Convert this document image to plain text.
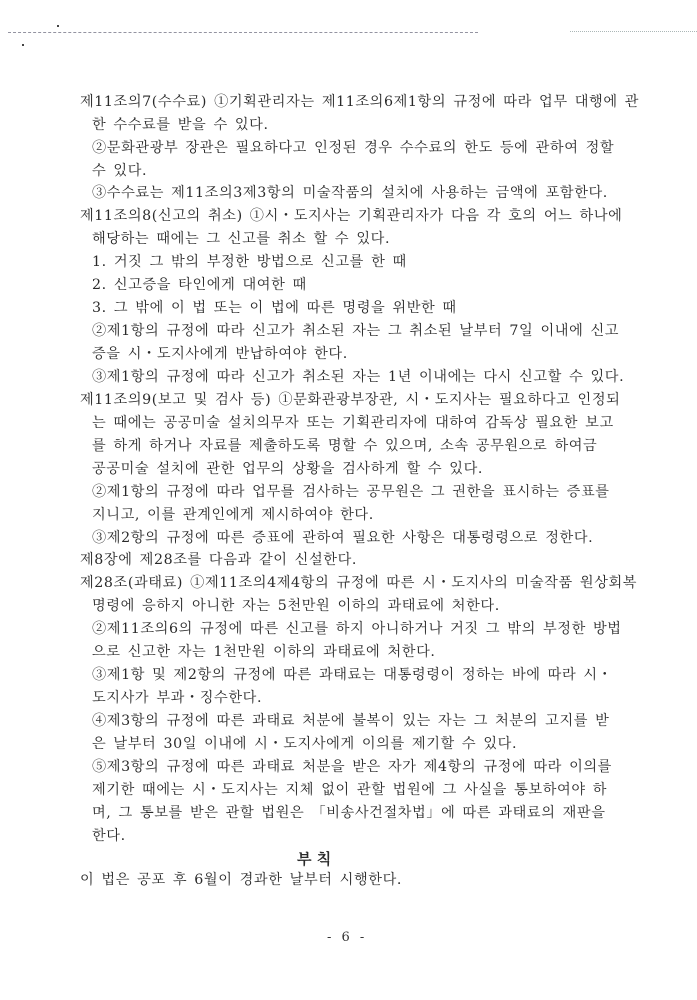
제11조의7(수수료) ①기획관리자는 제11조의6제1항의 규정에 따라 업무 대행에 관
한 수수료를 받을 수 있다.
②문화관광부 장관은 필요하다고 인정된 경우 수수료의 한도 등에 관하여 정할
수 있다.
③수수료는 제11조의3제3항의 미술작품의 설치에 사용하는 금액에 포함한다.
제11조의8(신고의 취소) ①시・도지사는 기획관리자가 다음 각 호의 어느 하나에
해당하는 때에는 그 신고를 취소 할 수 있다.
1. 거짓 그 밖의 부정한 방법으로 신고를 한 때
2. 신고증을 타인에게 대여한 때
3. 그 밖에 이 법 또는 이 법에 따른 명령을 위반한 때
②제1항의 규정에 따라 신고가 취소된 자는 그 취소된 날부터 7일 이내에 신고
증을 시・도지사에게 반납하여야 한다.
③제1항의 규정에 따라 신고가 취소된 자는 1년 이내에는 다시 신고할 수 있다.
제11조의9(보고 및 검사 등) ①문화관광부장관, 시・도지사는 필요하다고 인정되
는 때에는 공공미술 설치의무자 또는 기획관리자에 대하여 감독상 필요한 보고
를 하게 하거나 자료를 제출하도록 명할 수 있으며, 소속 공무원으로 하여금
공공미술 설치에 관한 업무의 상황을 검사하게 할 수 있다.
②제1항의 규정에 따라 업무를 검사하는 공무원은 그 권한을 표시하는 증표를
지니고, 이를 관계인에게 제시하여야 한다.
③제2항의 규정에 따른 증표에 관하여 필요한 사항은 대통령령으로 정한다.
제8장에 제28조를 다음과 같이 신설한다.
제28조(과태료) ①제11조의4제4항의 규정에 따른 시・도지사의 미술작품 원상회복
명령에 응하지 아니한 자는 5천만원 이하의 과태료에 처한다.
②제11조의6의 규정에 따른 신고를 하지 아니하거나 거짓 그 밖의 부정한 방법
으로 신고한 자는 1천만원 이하의 과태료에 처한다.
③제1항 및 제2항의 규정에 따른 과태료는 대통령령이 정하는 바에 따라 시・
도지사가 부과・징수한다.
④제3항의 규정에 따른 과태료 처분에 불복이 있는 자는 그 처분의 고지를 받
은 날부터 30일 이내에 시・도지사에게 이의를 제기할 수 있다.
⑤제3항의 규정에 따른 과태료 처분을 받은 자가 제4항의 규정에 따라 이의를
제기한 때에는 시・도지사는 지체 없이 관할 법원에 그 사실을 통보하여야 하
며, 그 통보를 받은 관할 법원은 「비송사건절차법」에 따른 과태료의 재판을
한다.
부 칙
이 법은 공포 후 6월이 경과한 날부터 시행한다.
- 6 -
